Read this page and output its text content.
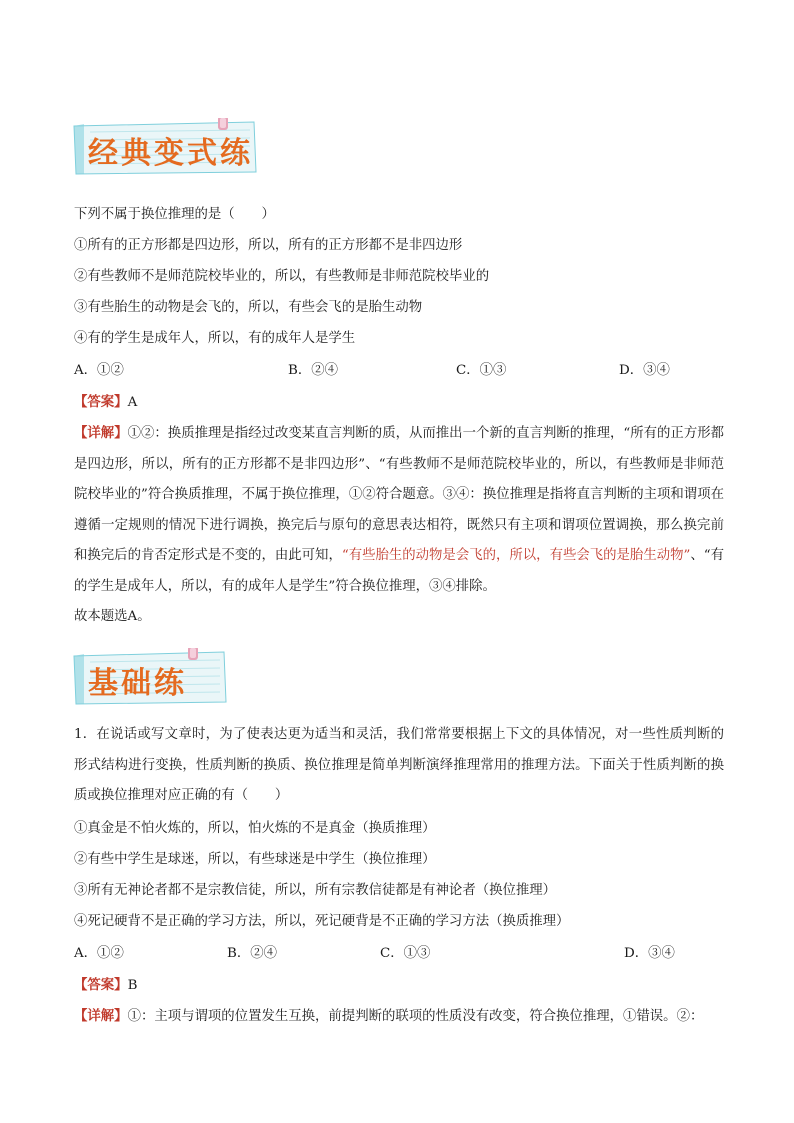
经典变式练
下列不属于换位推理的是（　　）
①所有的正方形都是四边形，所以，所有的正方形都不是非四边形
②有些教师不是师范院校毕业的，所以，有些教师是非师范院校毕业的
③有些胎生的动物是会飞的，所以，有些会飞的是胎生动物
④有的学生是成年人，所以，有的成年人是学生
A．①②	B．②④	C．①③	D．③④
【答案】A
【详解】①②：换质推理是指经过改变某直言判断的质，从而推出一个新的直言判断的推理，“所有的正方形都是四边形，所以，所有的正方形都不是非四边形”、“有些教师不是师范院校毕业的，所以，有些教师是非师范院校毕业的”符合换质推理，不属于换位推理，①②符合题意。③④：换位推理是指将直言判断的主项和谓项在遵循一定规则的情况下进行调换，换完后与原句的意思表达相符，既然只有主项和谓项位置调换，那么换完前和换完后的肯否定形式是不变的，由此可知，“有些胎生的动物是会飞的，所以，有些会飞的是胎生动物”、“有的学生是成年人，所以，有的成年人是学生”符合换位推理，③④排除。
故本题选A。
基础练
1．在说话或写文章时，为了使表达更为适当和灵活，我们常常要根据上下文的具体情况，对一些性质判断的形式结构进行变换，性质判断的换质、换位推理是简单判断演绎推理常用的推理方法。下面关于性质判断的换质或换位推理对应正确的有（　　）
①真金是不怕火炼的，所以，怕火炼的不是真金（换质推理）
②有些中学生是球迷，所以，有些球迷是中学生（换位推理）
③所有无神论者都不是宗教信徒，所以，所有宗教信徒都是有神论者（换位推理）
④死记硬背不是正确的学习方法，所以，死记硬背是不正确的学习方法（换质推理）
A．①②	B．②④	C．①③	D．③④
【答案】B
【详解】①：主项与谓项的位置发生互换，前提判断的联项的性质没有改变，符合换位推理，①错误。②：
